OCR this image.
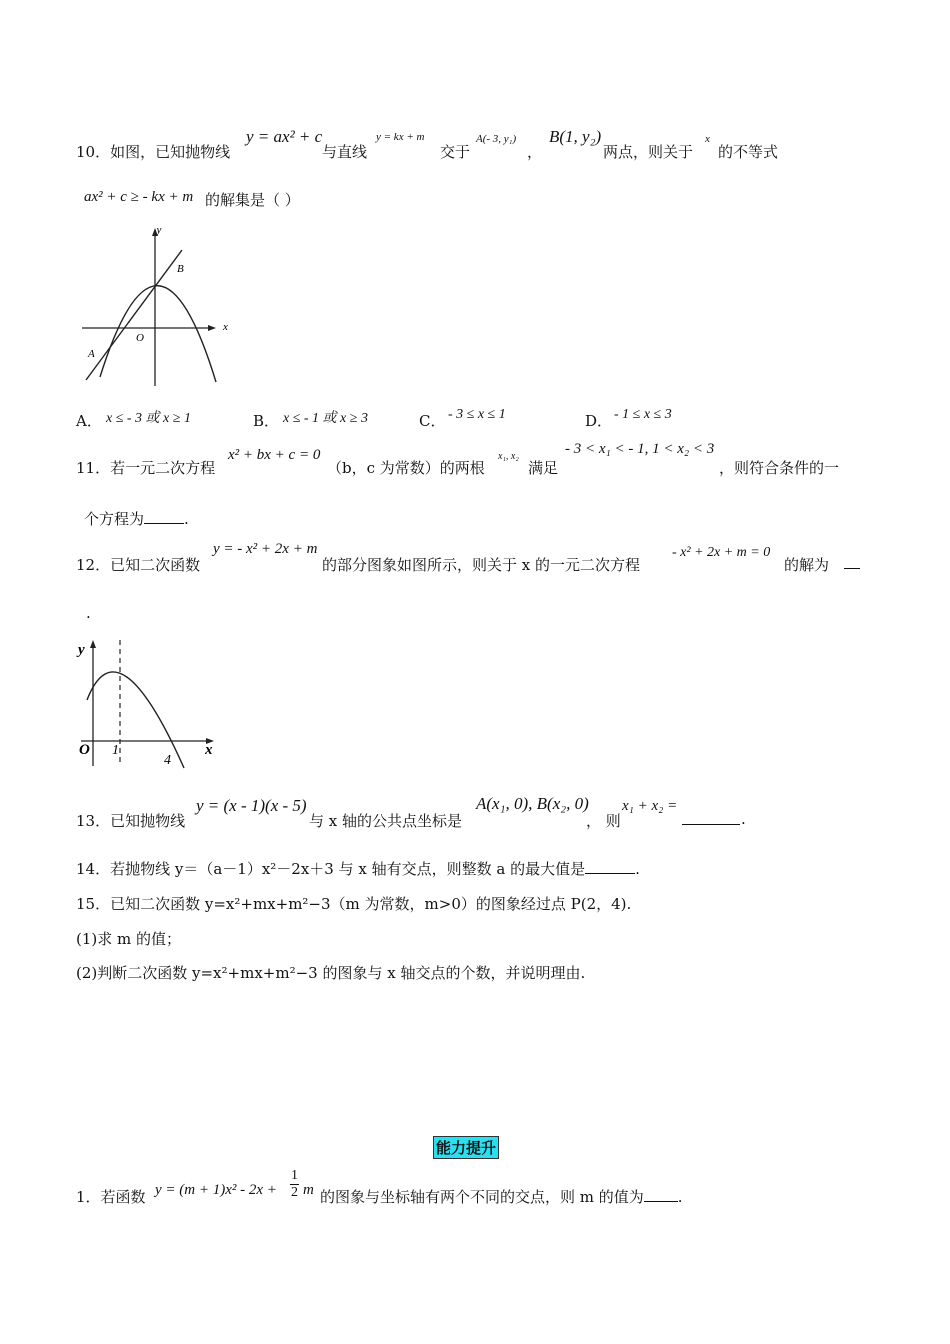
10．如图，已知抛物线
y = ax² + c
与直线
y = kx + m
交于
A(- 3, y₁)
，
B(1, y₂)
两点，则关于
x
的不等式
ax² + c ≥ - kx + m 的解集是（ ）
y
x
O
A
B
A． x ≤ - 3 或 x ≥ 1	B． x ≤ - 1 或 x ≥ 3	C． - 3 ≤ x ≤ 1	D． - 1 ≤ x ≤ 3
11．若一元二次方程
x² + bx + c = 0
（b，c 为常数）的两根
x₁, x₂
满足
- 3 < x₁ < - 1, 1 < x₂ < 3
，则符合条件的一
个方程为	.
12．已知二次函数
y = - x² + 2x + m
的部分图象如图所示，则关于 x 的一元二次方程
- x² + 2x + m = 0
的解为
.
y
x
O 1
4
13．已知抛物线
y = (x - 1)(x - 5)
与 x 轴的公共点坐标是
A(x₁, 0), B(x₂, 0)
， 则
x₁ + x₂ =
.
14．若抛物线 y＝（a－1）x²－2x＋3 与 x 轴有交点，则整数 a 的最大值是	.
15．已知二次函数 y=x²+mx+m²−3（m 为常数，m>0）的图象经过点 P(2，4).
(1)求 m 的值；
(2)判断二次函数 y=x²+mx+m²−3 的图象与 x 轴交点的个数，并说明理由.
能力提升
1．若函数 $y = (m + 1)x^2 - 2x + \frac{1}{2}$ m 的图象与坐标轴有两个不同的交点，则 m 的值为 .
